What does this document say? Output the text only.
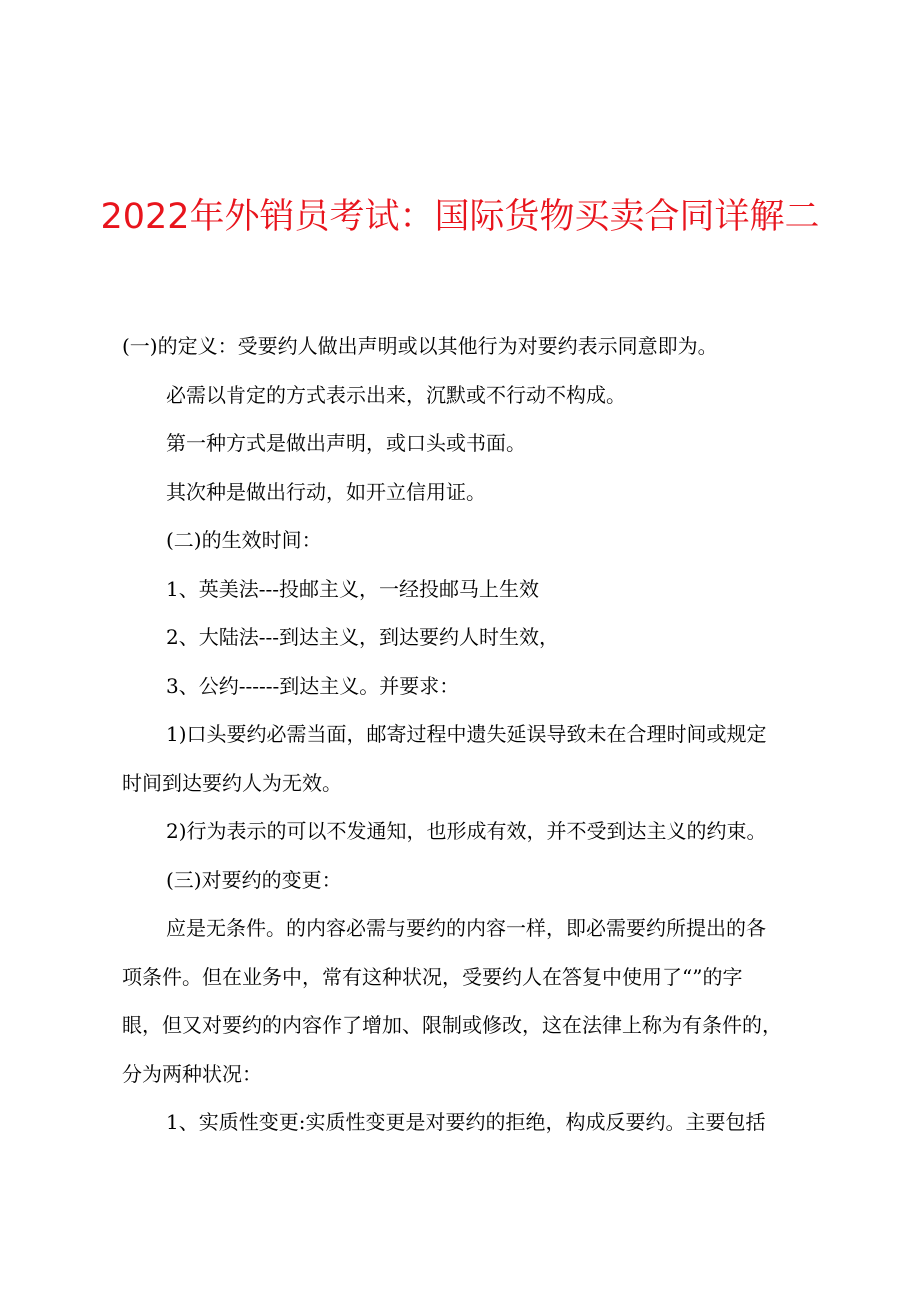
2022年外销员考试：国际货物买卖合同详解二

(一)的定义：受要约人做出声明或以其他行为对要约表示同意即为。

必需以肯定的方式表示出来，沉默或不行动不构成。

第一种方式是做出声明，或口头或书面。

其次种是做出行动，如开立信用证。

(二)的生效时间：

1、英美法---投邮主义，一经投邮马上生效

2、大陆法---到达主义，到达要约人时生效，

3、公约------到达主义。并要求：

1)口头要约必需当面，邮寄过程中遗失延误导致未在合理时间或规定

时间到达要约人为无效。

2)行为表示的可以不发通知，也形成有效，并不受到达主义的约束。

(三)对要约的变更：

应是无条件。的内容必需与要约的内容一样，即必需要约所提出的各

项条件。但在业务中，常有这种状况，受要约人在答复中使用了“”的字

眼，但又对要约的内容作了增加、限制或修改，这在法律上称为有条件的，

分为两种状况：

1、实质性变更:实质性变更是对要约的拒绝，构成反要约。主要包括
